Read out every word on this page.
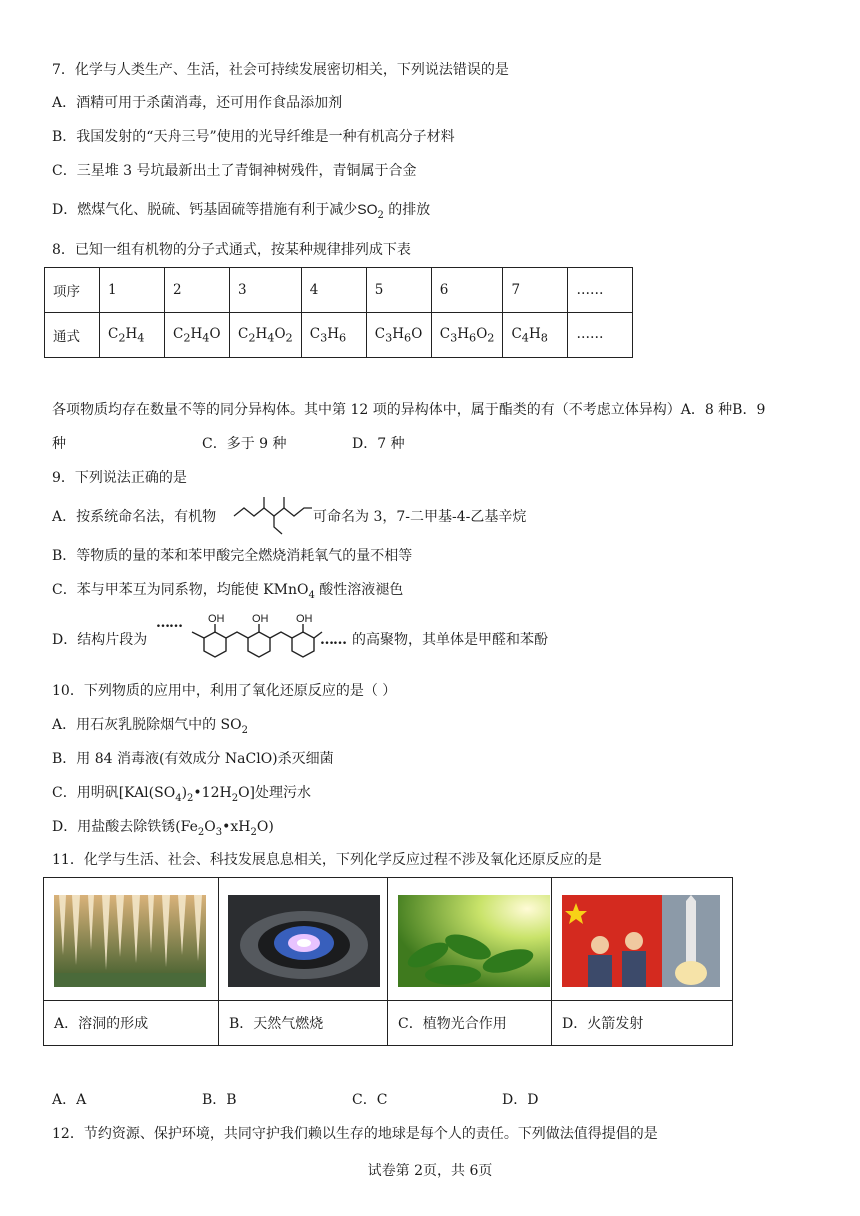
7．化学与人类生产、生活，社会可持续发展密切相关，下列说法错误的是
A．酒精可用于杀菌消毒，还可用作食品添加剂
B．我国发射的“天舟三号”使用的光导纤维是一种有机高分子材料
C．三星堆 3 号坑最新出土了青铜神树残件，青铜属于合金
D．燃煤气化、脱硫、钙基固硫等措施有利于减少$SO_2$ 的排放
8．已知一组有机物的分子式通式，按某种规律排列成下表
项序	1	2	3	4	5	6	7	……
通式	$C_2H_4$	$C_2H_4O$	$C_2H_4O_2$	$C_3H_6$	$C_3H_6O$	$C_3H_6O_2$	$C_4H_8$	……
各项物质均存在数量不等的同分异构体。其中第 12 项的异构体中，属于酯类的有（不考虑立体异构）A．8 种B．9
种	C．多于 9 种	D．7 种
9．下列说法正确的是
A．按系统命名法，有机物	可命名为 3，7-二甲基-4-乙基辛烷
B．等物质的量的苯和苯甲酸完全燃烧消耗氧气的量不相等
C．苯与甲苯互为同系物，均能使 KMnO$_4$ 酸性溶液褪色
D．结构片段为
……
……
OH	OH	OH
的高聚物，其单体是甲醛和苯酚
10．下列物质的应用中，利用了氧化还原反应的是（ ）
A．用石灰乳脱除烟气中的 $SO_2$
B．用 84 消毒液(有效成分 NaClO)杀灭细菌
C．用明矾$[KAl(SO_4)_2•12H_2O]$处理污水
D．用盐酸去除铁锈$(Fe_2O_3•xH_2O)$
11．化学与生活、社会、科技发展息息相关，下列化学反应过程不涉及氧化还原反应的是

A．溶洞的形成	B．天然气燃烧	C．植物光合作用	D．火箭发射
A．A	B．B	C．C	D．D
12．节约资源、保护环境，共同守护我们赖以生存的地球是每个人的责任。下列做法值得提倡的是
试卷第 2页，共 6页
